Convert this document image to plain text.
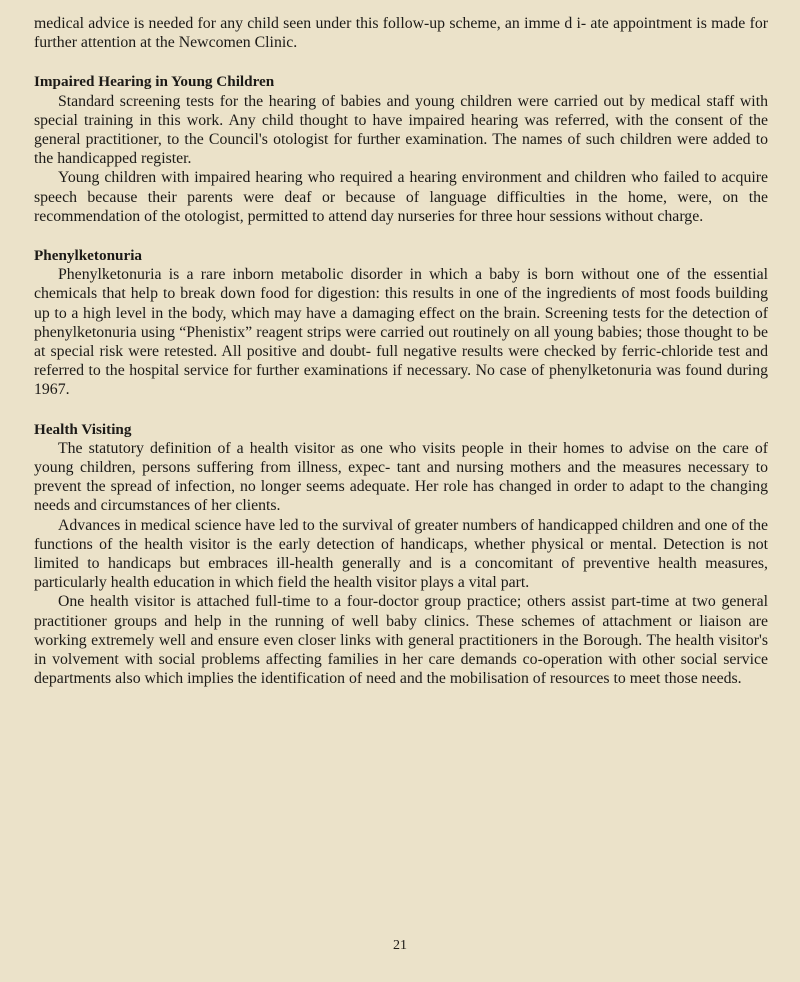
medical advice is needed for any child seen under this follow-up scheme, an imme d i- ate appointment is made for further attention at the Newcomen Clinic.

Impaired Hearing in Young Children

Standard screening tests for the hearing of babies and young children were carried out by medical staff with special training in this work. Any child thought to have impaired hearing was referred, with the consent of the general practitioner, to the Council's otologist for further examination. The names of such children were added to the handicapped register.

Young children with impaired hearing who required a hearing environment and children who failed to acquire speech because their parents were deaf or because of language difficulties in the home, were, on the recommendation of the otologist, permitted to attend day nurseries for three hour sessions without charge.

Phenylketonuria

Phenylketonuria is a rare inborn metabolic disorder in which a baby is born without one of the essential chemicals that help to break down food for digestion: this results in one of the ingredients of most foods building up to a high level in the body, which may have a damaging effect on the brain. Screening tests for the detection of phenylketonuria using “Phenistix” reagent strips were carried out routinely on all young babies; those thought to be at special risk were retested. All positive and doubt- full negative results were checked by ferric-chloride test and referred to the hospital service for further examinations if necessary. No case of phenylketonuria was found during 1967.

Health Visiting

The statutory definition of a health visitor as one who visits people in their homes to advise on the care of young children, persons suffering from illness, expec- tant and nursing mothers and the measures necessary to prevent the spread of infection, no longer seems adequate. Her role has changed in order to adapt to the changing needs and circumstances of her clients.

Advances in medical science have led to the survival of greater numbers of handicapped children and one of the functions of the health visitor is the early detection of handicaps, whether physical or mental. Detection is not limited to handicaps but embraces ill-health generally and is a concomitant of preventive health measures, particularly health education in which field the health visitor plays a vital part.

One health visitor is attached full-time to a four-doctor group practice; others assist part-time at two general practitioner groups and help in the running of well baby clinics. These schemes of attachment or liaison are working extremely well and ensure even closer links with general practitioners in the Borough. The health visitor's in volvement with social problems affecting families in her care demands co-operation with other social service departments also which implies the identification of need and the mobilisation of resources to meet those needs.

21
